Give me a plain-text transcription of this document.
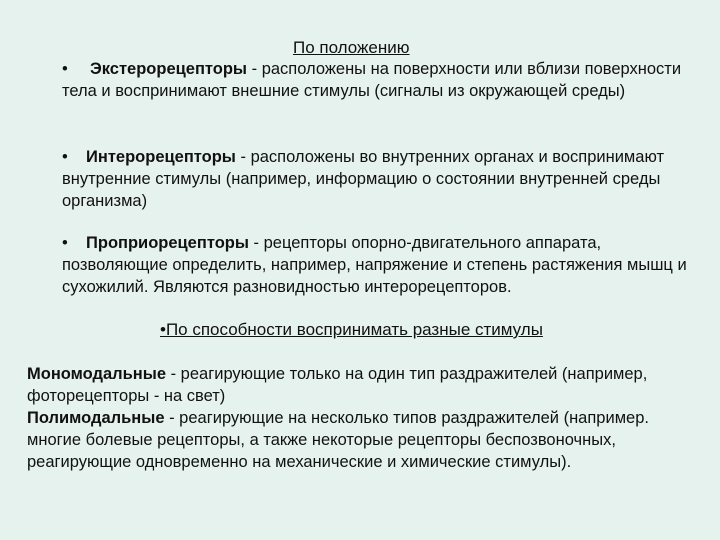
По положению

• Экстерорецепторы - расположены на поверхности или вблизи поверхности тела и воспринимают внешние стимулы (сигналы из окружающей среды)

• Интерорецепторы - расположены во внутренних органах и воспринимают внутренние стимулы (например, информацию о состоянии внутренней среды организма)

• Проприорецепторы - рецепторы опорно-двигательного аппарата, позволяющие определить, например, напряжение и степень растяжения мышц и сухожилий. Являются разновидностью интерорецепторов.

•По способности воспринимать разные стимулы
Мономодальные - реагирующие только на один тип раздражителей (например, фоторецепторы - на свет)
Полимодальные - реагирующие на несколько типов раздражителей (например. многие болевые рецепторы, а также некоторые рецепторы беспозвоночных, реагирующие одновременно на механические и химические стимулы).
